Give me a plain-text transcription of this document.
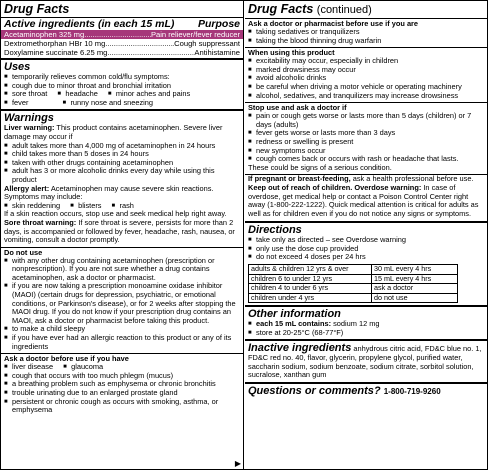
Drug Facts
Active ingredients (in each 15 mL) Purpose
Acetaminophen 325 mg .....	Pain reliever/fever reducer
Dextromethorphan HBr 10 mg .....	Cough suppressant
Doxylamine succinate 6.25 mg .....	Antihistamine
Uses
■ temporarily relieves common cold/flu symptoms:
■ cough due to minor throat and bronchial irritation
■ sore throat	■ headache	■ minor aches and pains
■ fever	■ runny nose and sneezing
Warnings
Liver warning: This product contains acetaminophen. Severe liver damage may occur if
■ adult takes more than 4,000 mg of acetaminophen in 24 hours
■ child takes more than 5 doses in 24 hours
■ taken with other drugs containing acetaminophen
■ adult has 3 or more alcoholic drinks every day while using this product
Allergy alert: Acetaminophen may cause severe skin reactions. Symptoms may include:
■ skin reddening	■ blisters	■ rash
If a skin reaction occurs, stop use and seek medical help right away.
Sore throat warning: If sore throat is severe, persists for more than 2 days, is accompanied or followed by fever, headache, rash, nausea, or vomiting, consult a doctor promptly.
Do not use
■ with any other drug containing acetaminophen (prescription or nonprescription). If you are not sure whether a drug contains acetaminophen, ask a doctor or pharmacist.
■ if you are now taking a prescription monoamine oxidase inhibitor (MAOI) (certain drugs for depression, psychiatric, or emotional conditions, or Parkinson's disease), or for 2 weeks after stopping the MAOI drug. If you do not know if your prescription drug contains an MAOI, ask a doctor or pharmacist before taking this product.
■ to make a child sleepy
■ if you have ever had an allergic reaction to this product or any of its ingredients
Ask a doctor before use if you have
■ liver disease	■ glaucoma
■ cough that occurs with too much phlegm (mucus)
■ a breathing problem such as emphysema or chronic bronchitis
■ trouble urinating due to an enlarged prostate gland
■ persistent or chronic cough as occurs with smoking, asthma, or emphysema
▶
Drug Facts (continued)
Ask a doctor or pharmacist before use if you are
■ taking sedatives or tranquilizers
■ taking the blood thinning drug warfarin
When using this product
■ excitability may occur, especially in children
■ marked drowsiness may occur
■ avoid alcoholic drinks
■ be careful when driving a motor vehicle or operating machinery
■ alcohol, sedatives, and tranquilizers may increase drowsiness
Stop use and ask a doctor if
■ pain or cough gets worse or lasts more than 5 days (children) or 7 days (adults)
■ fever gets worse or lasts more than 3 days
■ redness or swelling is present
■ new symptoms occur
■ cough comes back or occurs with rash or headache that lasts.
These could be signs of a serious condition.
If pregnant or breast-feeding, ask a health professional before use.
Keep out of reach of children. Overdose warning: In case of overdose, get medical help or contact a Poison Control Center right away (1-800-222-1222). Quick medical attention is critical for adults as well as for children even if you do not notice any signs or symptoms.
Directions
■ take only as directed – see Overdose warning
■ only use the dose cup provided
■ do not exceed 4 doses per 24 hrs
adults & children 12 yrs & over	30 mL every 4 hrs
children 6 to under 12 yrs	15 mL every 4 hrs
children 4 to under 6 yrs	ask a doctor
children under 4 yrs	do not use
Other information
■ each 15 mL contains: sodium 12 mg
■ store at 20-25°C (68-77°F)
Inactive ingredients anhydrous citric acid, FD&C blue no. 1, FD&C red no. 40, flavor, glycerin, propylene glycol, purified water, saccharin sodium, sodium benzoate, sodium citrate, sorbitol solution, sucralose, xanthan gum
Questions or comments? 1-800-719-9260
